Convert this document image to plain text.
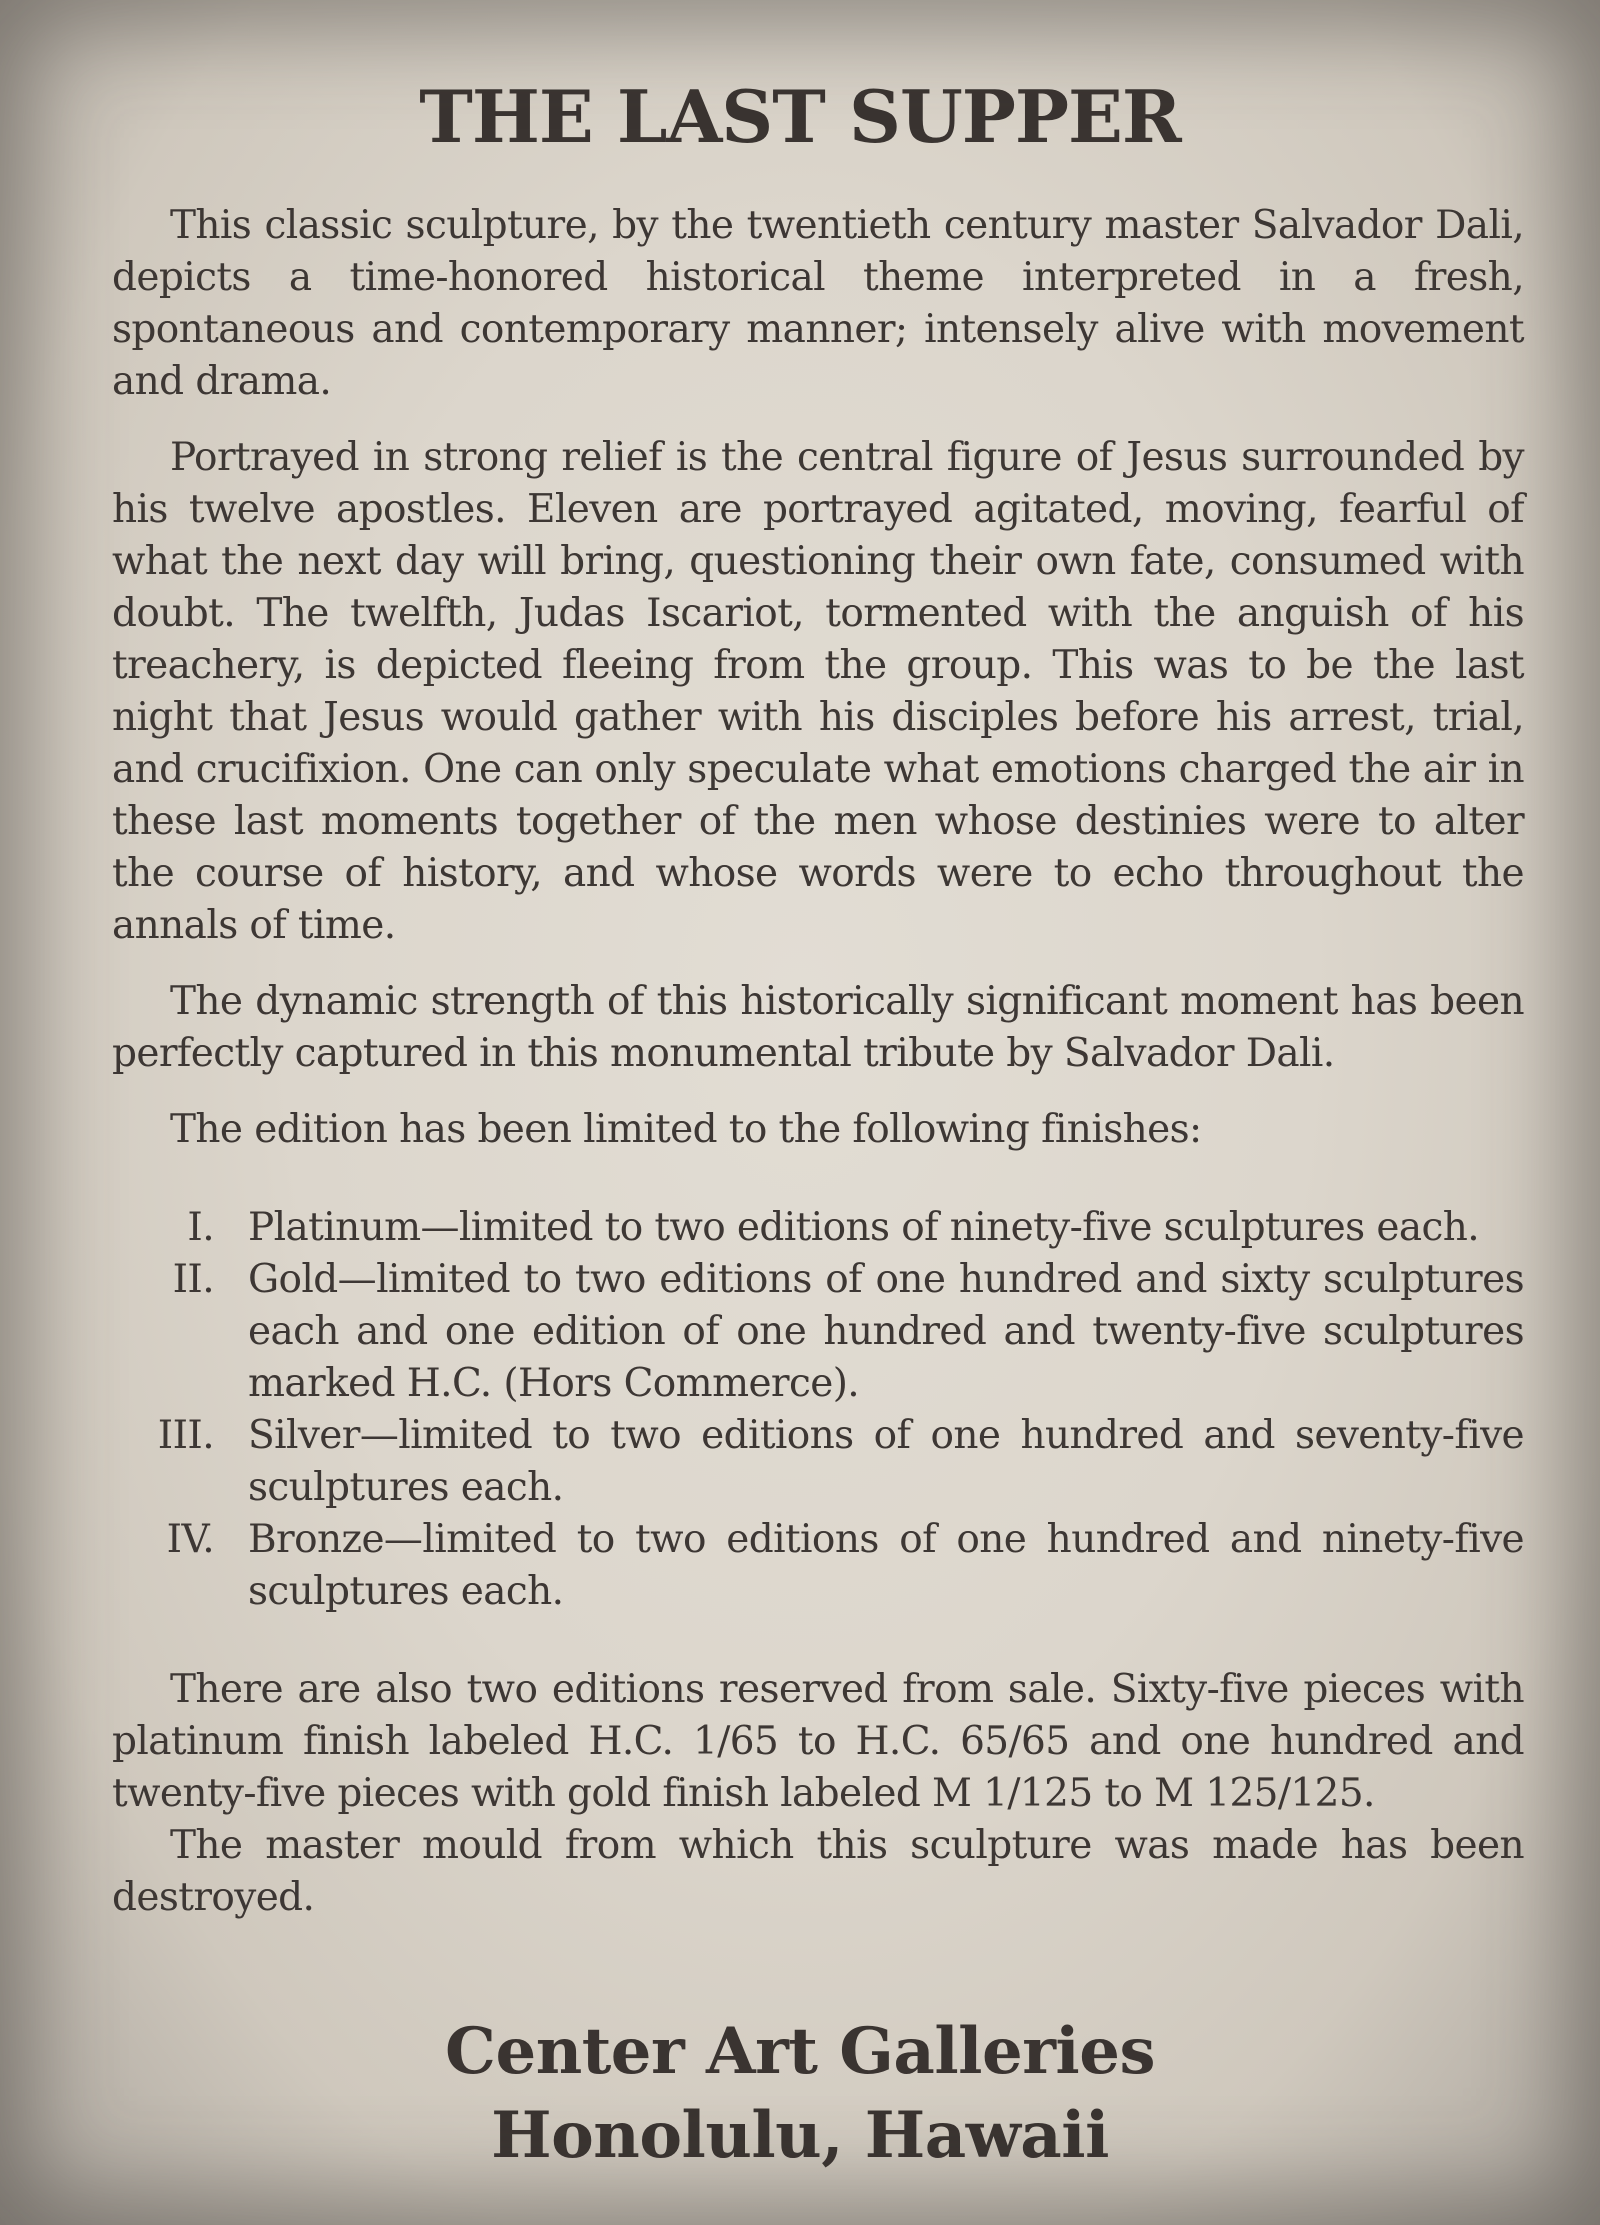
THE LAST SUPPER

This classic sculpture, by the twentieth century master Salvador Dali, depicts a time-honored historical theme interpreted in a fresh, spontaneous and contemporary manner; intensely alive with movement and drama.

Portrayed in strong relief is the central figure of Jesus surrounded by his twelve apostles. Eleven are portrayed agitated, moving, fearful of what the next day will bring, questioning their own fate, consumed with doubt. The twelfth, Judas Iscariot, tormented with the anguish of his treachery, is depicted fleeing from the group. This was to be the last night that Jesus would gather with his disciples before his arrest, trial, and crucifixion. One can only speculate what emotions charged the air in these last moments together of the men whose destinies were to alter the course of history, and whose words were to echo throughout the annals of time.

The dynamic strength of this historically significant moment has been perfectly captured in this monumental tribute by Salvador Dali.

The edition has been limited to the following finishes:

I. Platinum—limited to two editions of ninety-five sculptures each.
II. Gold—limited to two editions of one hundred and sixty sculptures each and one edition of one hundred and twenty-five sculptures marked H.C. (Hors Commerce).
III. Silver—limited to two editions of one hundred and seventy-five sculptures each.
IV. Bronze—limited to two editions of one hundred and ninety-five sculptures each.

There are also two editions reserved from sale. Sixty-five pieces with platinum finish labeled H.C. 1/65 to H.C. 65/65 and one hundred and twenty-five pieces with gold finish labeled M 1/125 to M 125/125.

The master mould from which this sculpture was made has been destroyed.

Center Art Galleries
Honolulu, Hawaii
